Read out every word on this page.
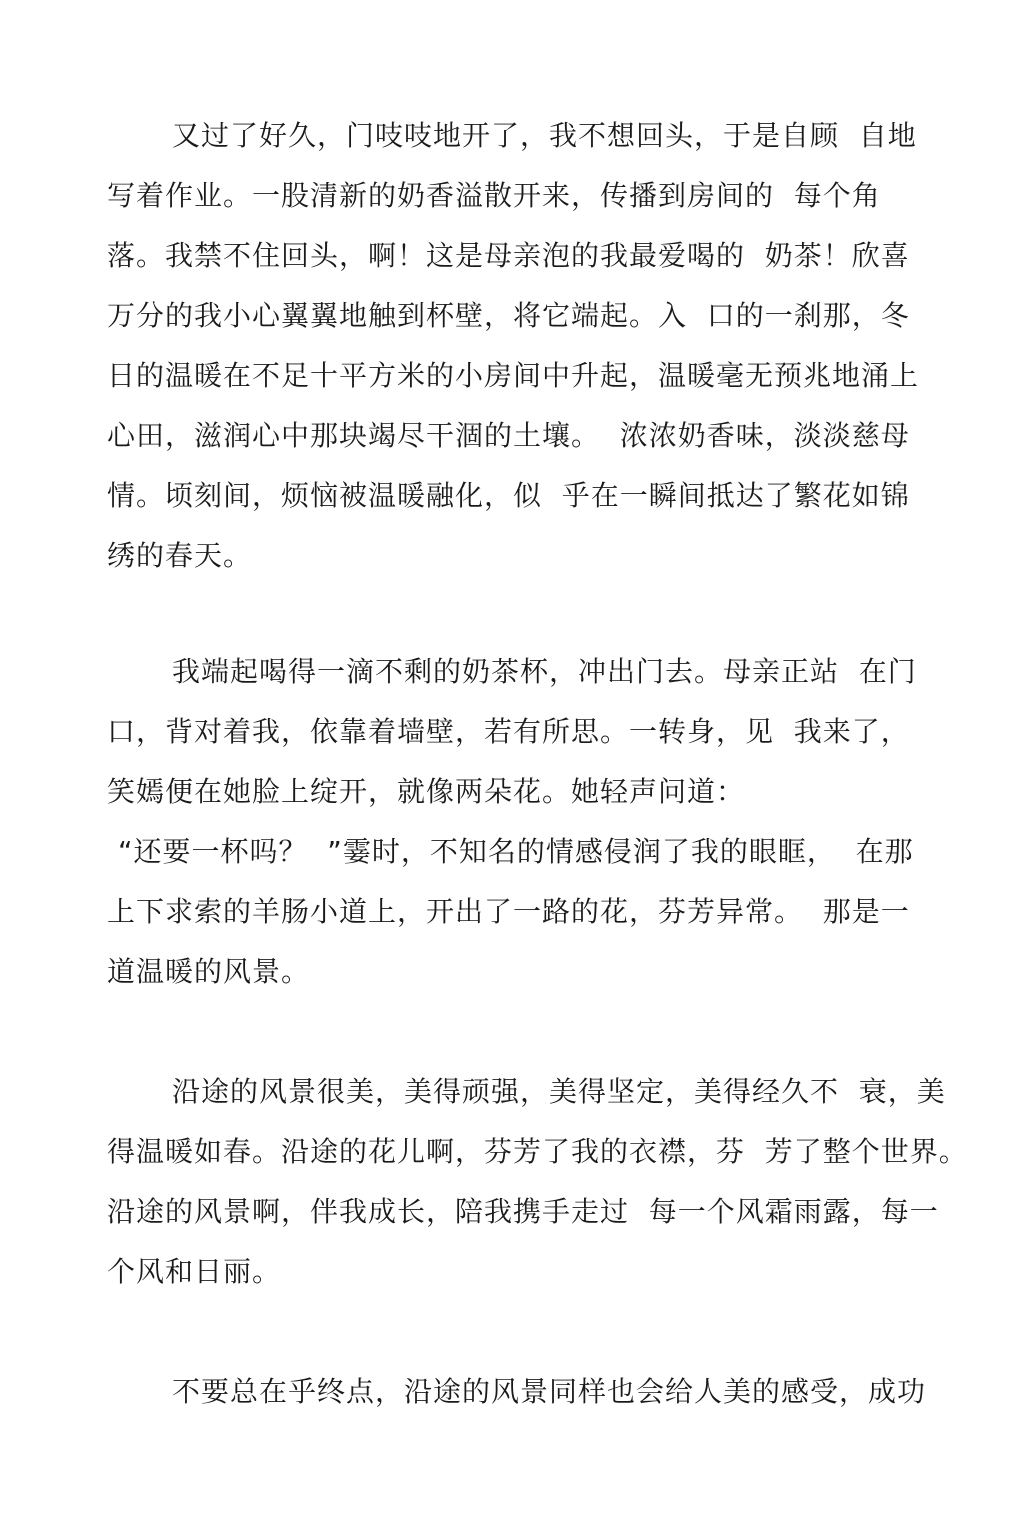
又过了好久，门吱吱地开了，我不想回头，于是自顾  自地
写着作业。一股清新的奶香溢散开来，传播到房间的  每个角
落。我禁不住回头，啊！这是母亲泡的我最爱喝的  奶茶！欣喜
万分的我小心翼翼地触到杯壁，将它端起。入  口的一刹那，冬
日的温暖在不足十平方米的小房间中升起，温暖毫无预兆地涌上
心田，滋润心中那块竭尽干涸的土壤。  浓浓奶香味，淡淡慈母
情。顷刻间，烦恼被温暖融化，似  乎在一瞬间抵达了繁花如锦
绣的春天。
我端起喝得一滴不剩的奶茶杯，冲出门去。母亲正站  在门
口，背对着我，依靠着墙壁，若有所思。一转身，见  我来了，
笑嫣便在她脸上绽开，就像两朵花。她轻声问道：
“还要一杯吗？  ”霎时，不知名的情感侵润了我的眼眶，  在那
上下求索的羊肠小道上，开出了一路的花，芬芳异常。  那是一
道温暖的风景。
沿途的风景很美，美得顽强，美得坚定，美得经久不  衰，美
得温暖如春。沿途的花儿啊，芬芳了我的衣襟，芬  芳了整个世界。
沿途的风景啊，伴我成长，陪我携手走过  每一个风霜雨露，每一
个风和日丽。
不要总在乎终点，沿途的风景同样也会给人美的感受，成功
